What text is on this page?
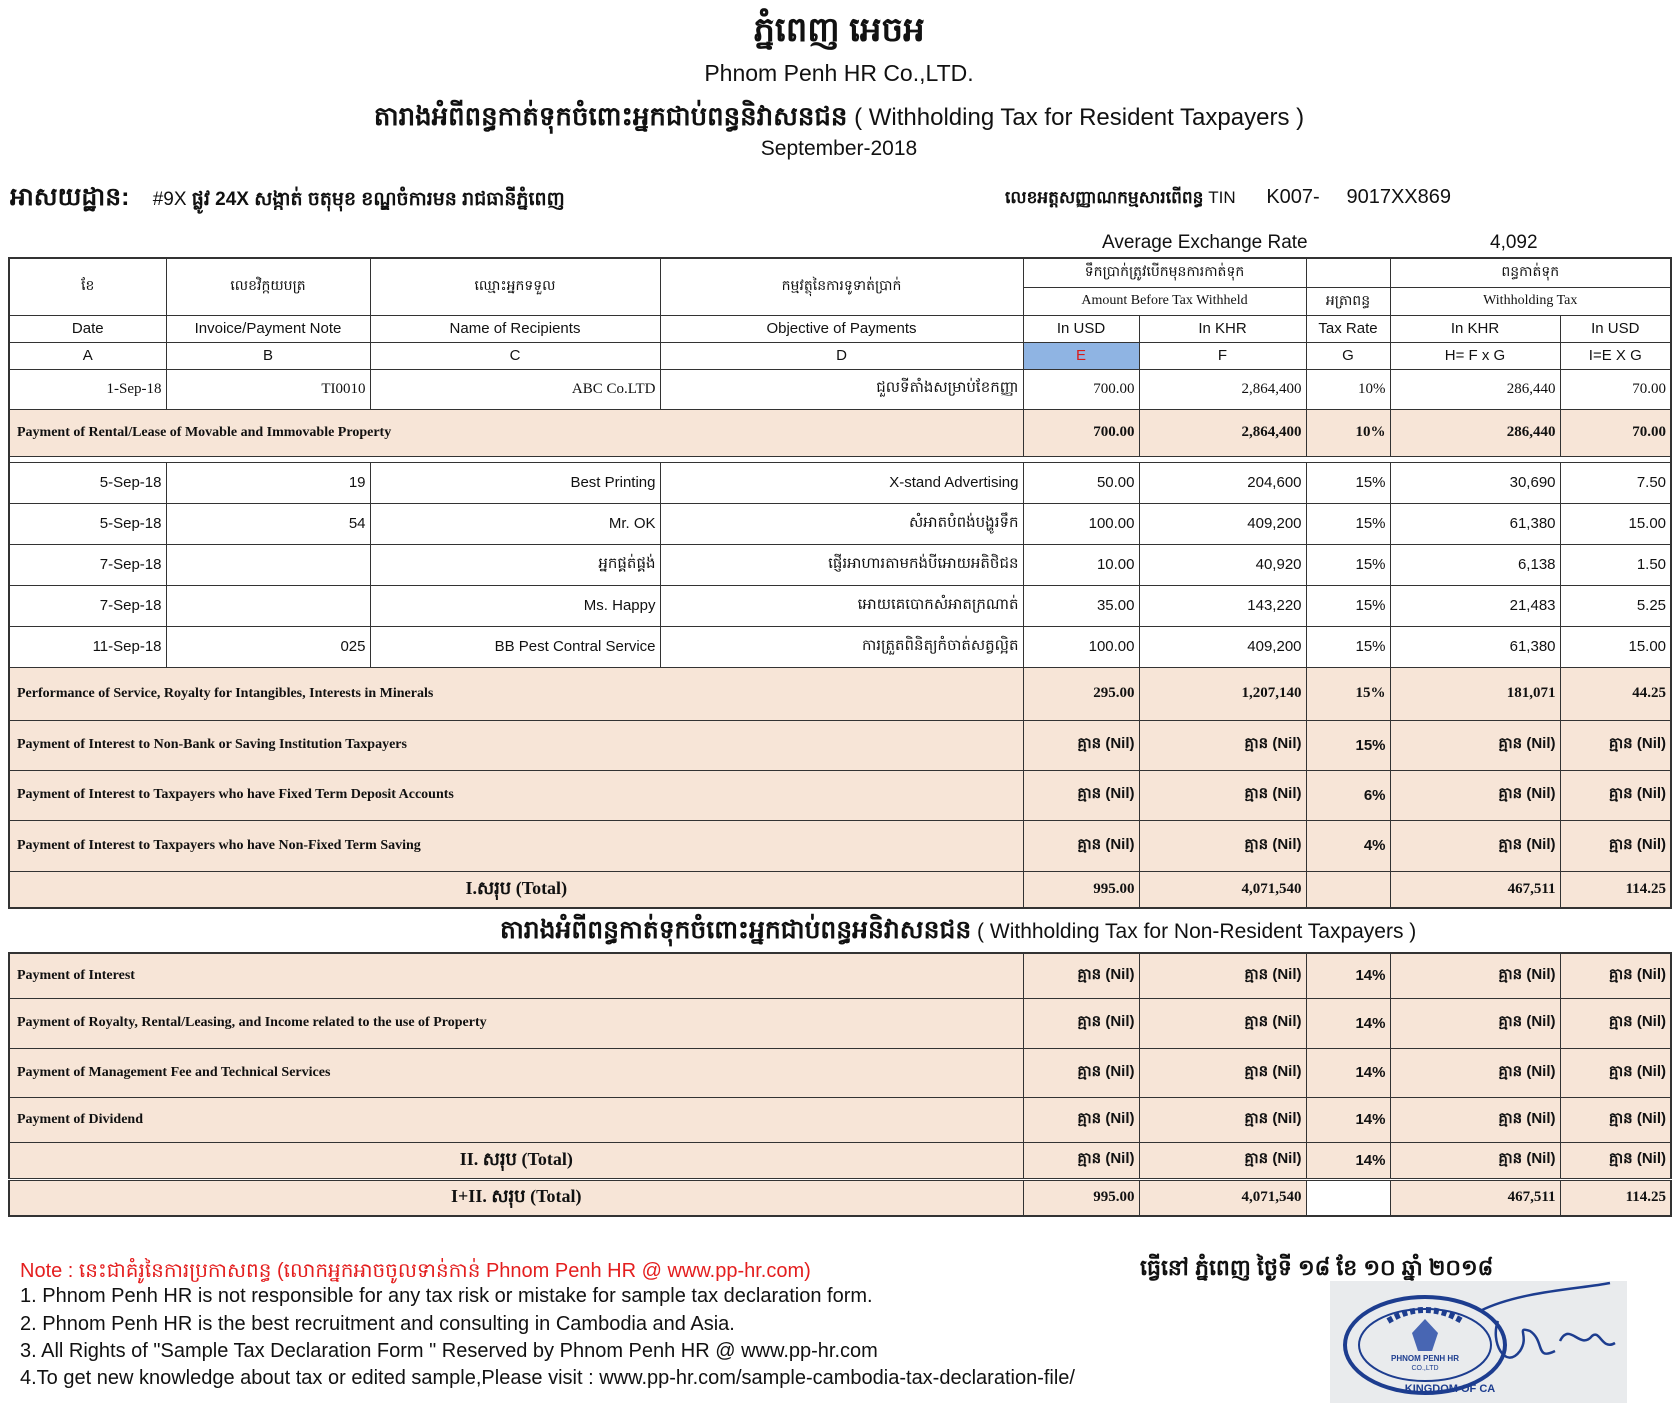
ភ្នំពេញ អេចអ
Phnom Penh HR Co.,LTD.
តារាងអំពីពន្ធកាត់ទុកចំពោះអ្នកជាប់ពន្ធនិវាសនជន ( Withholding Tax for Resident Taxpayers )
September-2018
អាសយដ្ឋាន: #9X ផ្លូវ 24X សង្កាត់ ចតុមុខ ខណ្ឌចំការមន រាជធានីភ្នំពេញ	លេខអត្តសញ្ញាណកម្មសារពើពន្ធ TIN K007- 9017XX869
Average Exchange Rate	4,092
ខែ	លេខវិក្កយបត្រ	ឈ្មោះអ្នកទទួល	កម្មវត្ថុនៃការទូទាត់ប្រាក់	ទឹកប្រាក់ត្រូវបើកមុនការកាត់ទុក			ពន្ធកាត់ទុក	
				Amount Before Tax Withheld		អត្រាពន្ធ	Withholding Tax	
Date	Invoice/Payment Note	Name of Recipients	Objective of Payments	In USD	In KHR	Tax Rate	In KHR	In USD
A	B	C	D	E	F	G	H= F x G	I=E X G
1-Sep-18	TI0010	ABC Co.LTD	ជួលទីតាំងសម្រាប់ខែកញ្ញា	700.00	2,864,400	10%	286,440	70.00
Payment of Rental/Lease of Movable and Immovable Property				700.00	2,864,400	10%	286,440	70.00

5-Sep-18	19	Best Printing	X-stand Advertising	50.00	204,600	15%	30,690	7.50
5-Sep-18	54	Mr. OK	សំអាតបំពង់បង្ហូរទឹក	100.00	409,200	15%	61,380	15.00
7-Sep-18		អ្នកផ្គត់ផ្គង់	ផ្ញើរអាហារតាមកង់បីអោយអតិថិជន	10.00	40,920	15%	6,138	1.50
7-Sep-18		Ms. Happy	អោយគេបោកសំអាតក្រណាត់	35.00	143,220	15%	21,483	5.25
11-Sep-18	025	BB Pest Contral Service	ការត្រួតពិនិត្យកំចាត់សត្វល្អិត	100.00	409,200	15%	61,380	15.00
Performance of Service, Royalty for Intangibles, Interests in Minerals				295.00	1,207,140	15%	181,071	44.25
Payment of Interest to Non-Bank or Saving Institution Taxpayers				គ្មាន (Nil)	គ្មាន (Nil)	15%	គ្មាន (Nil)	គ្មាន (Nil)
Payment of Interest to Taxpayers who have Fixed Term Deposit Accounts				គ្មាន (Nil)	គ្មាន (Nil)	6%	គ្មាន (Nil)	គ្មាន (Nil)
Payment of Interest to Taxpayers who have Non-Fixed Term Saving				គ្មាន (Nil)	គ្មាន (Nil)	4%	គ្មាន (Nil)	គ្មាន (Nil)
I.សរុប (Total)				995.00	4,071,540		467,511	114.25
តារាងអំពីពន្ធកាត់ទុកចំពោះអ្នកជាប់ពន្ធអនិវាសនជន ( Withholding Tax for Non-Resident Taxpayers )
Payment of Interest	គ្មាន (Nil)	គ្មាន (Nil)	14%	គ្មាន (Nil)	គ្មាន (Nil)
Payment of Royalty, Rental/Leasing, and Income related to the use of Property	គ្មាន (Nil)	គ្មាន (Nil)	14%	គ្មាន (Nil)	គ្មាន (Nil)
Payment of Management Fee and Technical Services	គ្មាន (Nil)	គ្មាន (Nil)	14%	គ្មាន (Nil)	គ្មាន (Nil)
Payment of Dividend	គ្មាន (Nil)	គ្មាន (Nil)	14%	គ្មាន (Nil)	គ្មាន (Nil)
II. សរុប (Total)	គ្មាន (Nil)	គ្មាន (Nil)	14%	គ្មាន (Nil)	គ្មាន (Nil)
I+II. សរុប (Total)	995.00	4,071,540		467,511	114.25
Note : នេះជាគំរូនៃការប្រកាសពន្ធ (លោកអ្នកអាចចូលទាន់កាន់ Phnom Penh HR @ www.pp-hr.com)
1. Phnom Penh HR is not responsible for any tax risk or mistake for sample tax declaration form.
2. Phnom Penh HR is the best recruitment and consulting in Cambodia and Asia.
3. All Rights of "Sample Tax Declaration Form " Reserved by Phnom Penh HR @ www.pp-hr.com
4.To get new knowledge about tax or edited sample,Please visit : www.pp-hr.com/sample-cambodia-tax-declaration-file/
ធ្វើនៅ ភ្នំពេញ ថ្ងៃទី ១៨ ខែ ១០ ឆ្នាំ ២០១៨
PHNOM PENH HR
CO.,LTD
KINGDOM OF CA
